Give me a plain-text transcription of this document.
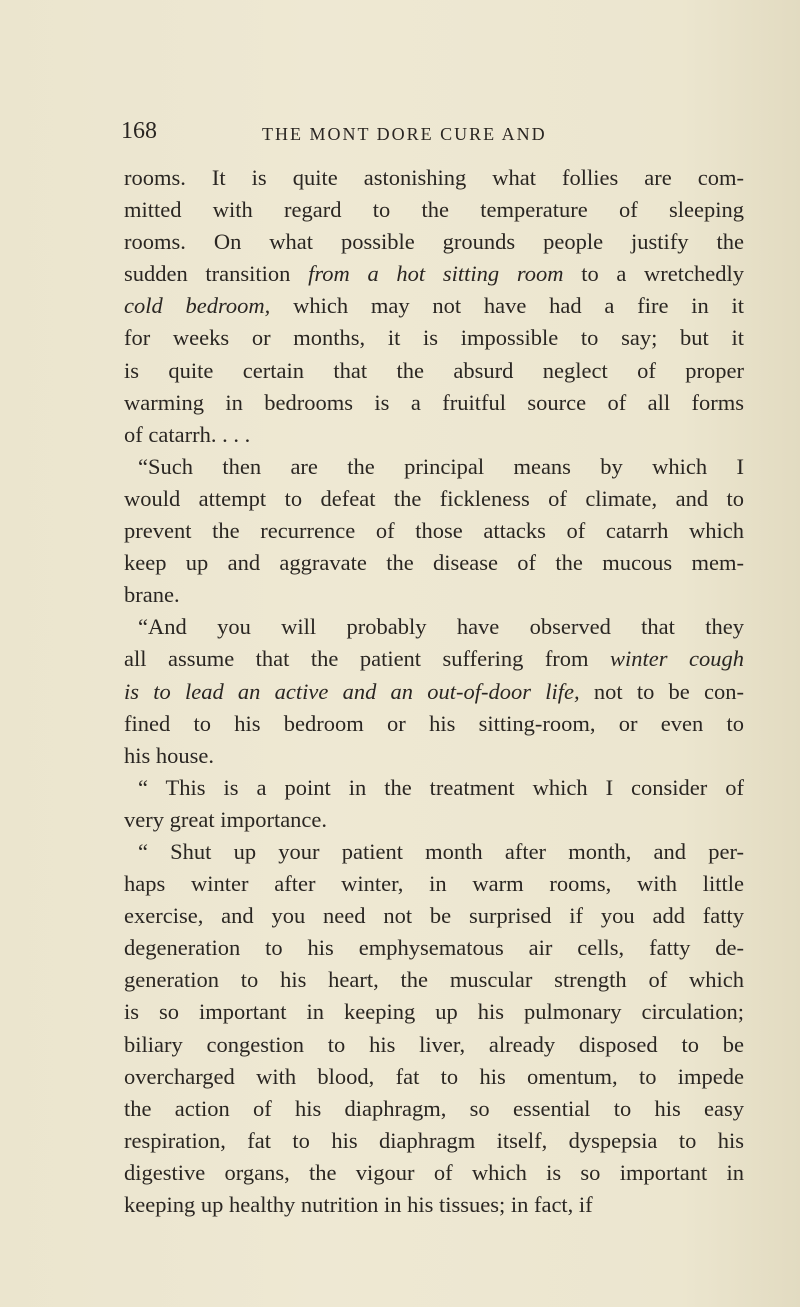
168	THE MONT DORE CURE AND
rooms. It is quite astonishing what follies are com-
mitted with regard to the temperature of sleeping
rooms. On what possible grounds people justify the
sudden transition from a hot sitting room to a wretchedly
cold bedroom, which may not have had a fire in it
for weeks or months, it is impossible to say; but it
is quite certain that the absurd neglect of proper
warming in bedrooms is a fruitful source of all forms
of catarrh. . . .
“Such then are the principal means by which I
would attempt to defeat the fickleness of climate, and to
prevent the recurrence of those attacks of catarrh which
keep up and aggravate the disease of the mucous mem-
brane.
“And you will probably have observed that they
all assume that the patient suffering from winter cough
is to lead an active and an out-of-door life, not to be con-
fined to his bedroom or his sitting-room, or even to
his house.
“ This is a point in the treatment which I consider of
very great importance.
“ Shut up your patient month after month, and per-
haps winter after winter, in warm rooms, with little
exercise, and you need not be surprised if you add fatty
degeneration to his emphysematous air cells, fatty de-
generation to his heart, the muscular strength of which
is so important in keeping up his pulmonary circulation;
biliary congestion to his liver, already disposed to be
overcharged with blood, fat to his omentum, to impede
the action of his diaphragm, so essential to his easy
respiration, fat to his diaphragm itself, dyspepsia to his
digestive organs, the vigour of which is so important in
keeping up healthy nutrition in his tissues; in fact, if
